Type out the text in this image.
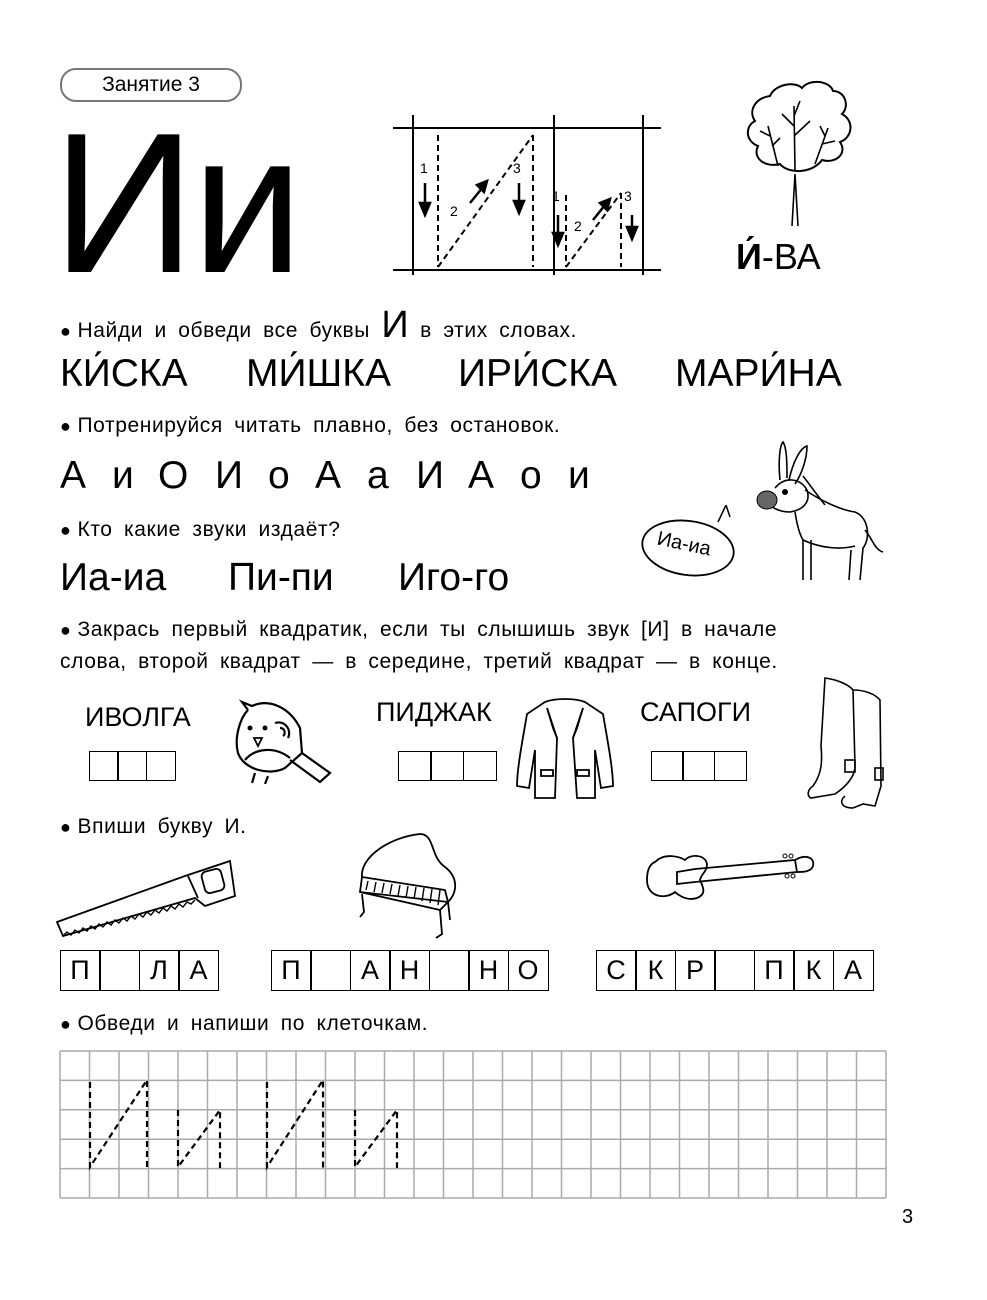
Занятие 3
Ии	1
2
3
1
2
3
И́-ВА
● Найди и обведи все буквы И в этих словах.
КИ́СКА МИ́ШКА ИРИ́СКА МАРИ́НА
● Потренируйся читать плавно, без остановок.
А и О И о А а И А о и
● Кто какие звуки издаёт?
Иа-иа Пи-пи Иго-го
Иа-иа
● Закрась первый квадратик, если ты слышишь звук [И] в начале
слова, второй квадрат — в середине, третий квадрат — в конце.
ИВОЛГА	ПИДЖАК	САПОГИ
● Впиши букву И.
П	Л А	П	А Н	Н О	С К Р	П К А
● Обведи и напиши по клеточкам.
3
